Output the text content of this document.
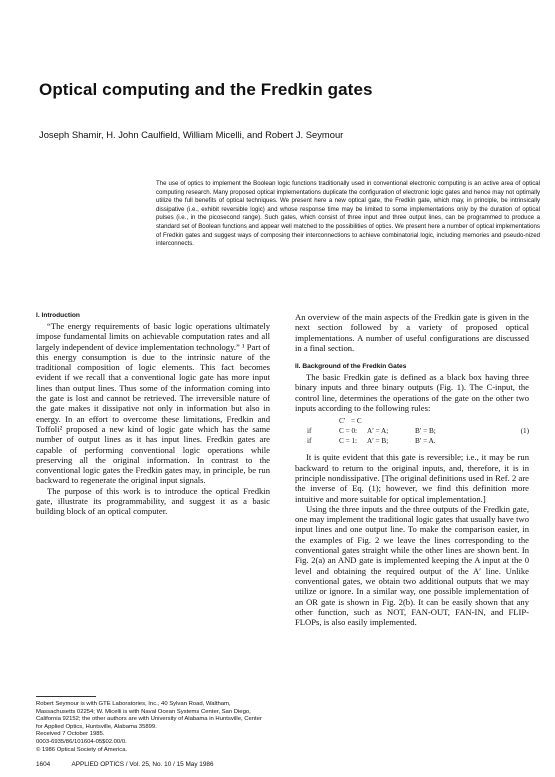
Optical computing and the Fredkin gates
Joseph Shamir, H. John Caulfield, William Micelli, and Robert J. Seymour
The use of optics to implement the Boolean logic functions traditionally used in conventional electronic computing is an active area of optical computing research. Many proposed optical implementations duplicate the configuration of electronic logic gates and hence may not optimally utilize the full benefits of optical techniques. We present here a new optical gate, the Fredkin gate, which may, in principle, be intrinsically dissipative (i.e., exhibit reversible logic) and whose response time may be limited to some implementations only by the duration of optical pulses (i.e., in the picosecond range). Such gates, which consist of three input and three output lines, can be programmed to produce a standard set of Boolean functions and appear well matched to the possibilities of optics. We present here a number of optical implementations of Fredkin gates and suggest ways of composing their interconnections to achieve combinatorial logic, including memories and pseudo-nized interconnects.
I. Introduction

“The energy requirements of basic logic operations ultimately impose fundamental limits on achievable computation rates and all largely independent of device implementation technology.” ¹ Part of this energy consumption is due to the intrinsic nature of the traditional composition of logic elements. This fact becomes evident if we recall that a conventional logic gate has more input lines than output lines. Thus some of the information coming into the gate is lost and cannot be retrieved. The irreversible nature of the gate makes it dissipative not only in information but also in energy. In an effort to overcome these limitations, Fredkin and Toffoli² proposed a new kind of logic gate which has the same number of output lines as it has input lines. Fredkin gates are capable of performing conventional logic operations while preserving all the original information. In contrast to the conventional logic gates the Fredkin gates may, in principle, be run backward to regenerate the original input signals.

The purpose of this work is to introduce the optical Fredkin gate, illustrate its programmability, and suggest it as a basic building block of an optical computer.

An overview of the main aspects of the Fredkin gate is given in the next section followed by a variety of proposed optical implementations. A number of useful configurations are discussed in a final section.

II. Background of the Fredkin Gates

The basic Fredkin gate is defined as a black box having three binary inputs and three binary outputs (Fig. 1). The C-input, the control line, determines the operations of the gate on the other two inputs according to the following rules:

C′ = C
if	C = 0: A′ = A;	B′ = B;	(1)
if	C = 1: A′ = B;	B′ = A.

It is quite evident that this gate is reversible; i.e., it may be run backward to return to the original inputs, and, therefore, it is in principle nondissipative. [The original definitions used in Ref. 2 are the inverse of Eq. (1); however, we find this definition more intuitive and more suitable for optical implementation.]

Using the three inputs and the three outputs of the Fredkin gate, one may implement the traditional logic gates that usually have two input lines and one output line. To make the comparison easier, in the examples of Fig. 2 we leave the lines corresponding to the conventional gates straight while the other lines are shown bent. In Fig. 2(a) an AND gate is implemented keeping the A input at the 0 level and obtaining the required output of the A′ line. Unlike conventional gates, we obtain two additional outputs that we may utilize or ignore. In a similar way, one possible implementation of an OR gate is shown in Fig. 2(b). It can be easily shown that any other function, such as NOT, FAN-OUT, FAN-IN, and FLIP-FLOPs, is also easily implemented.

Robert Seymour is with GTE Laboratories, Inc., 40 Sylvan Road, Waltham, Massachusetts 02254; W. Micelli is with Naval Ocean Systems Center, San Diego, California 92152; the other authors are with University of Alabama in Huntsville, Center for Applied Optics, Huntsville, Alabama 35899.

Received 7 October 1985.

0003-6935/86/101604-05$02.00/0.

© 1986 Optical Society of America.

1604	APPLIED OPTICS / Vol. 25, No. 10 / 15 May 1986
